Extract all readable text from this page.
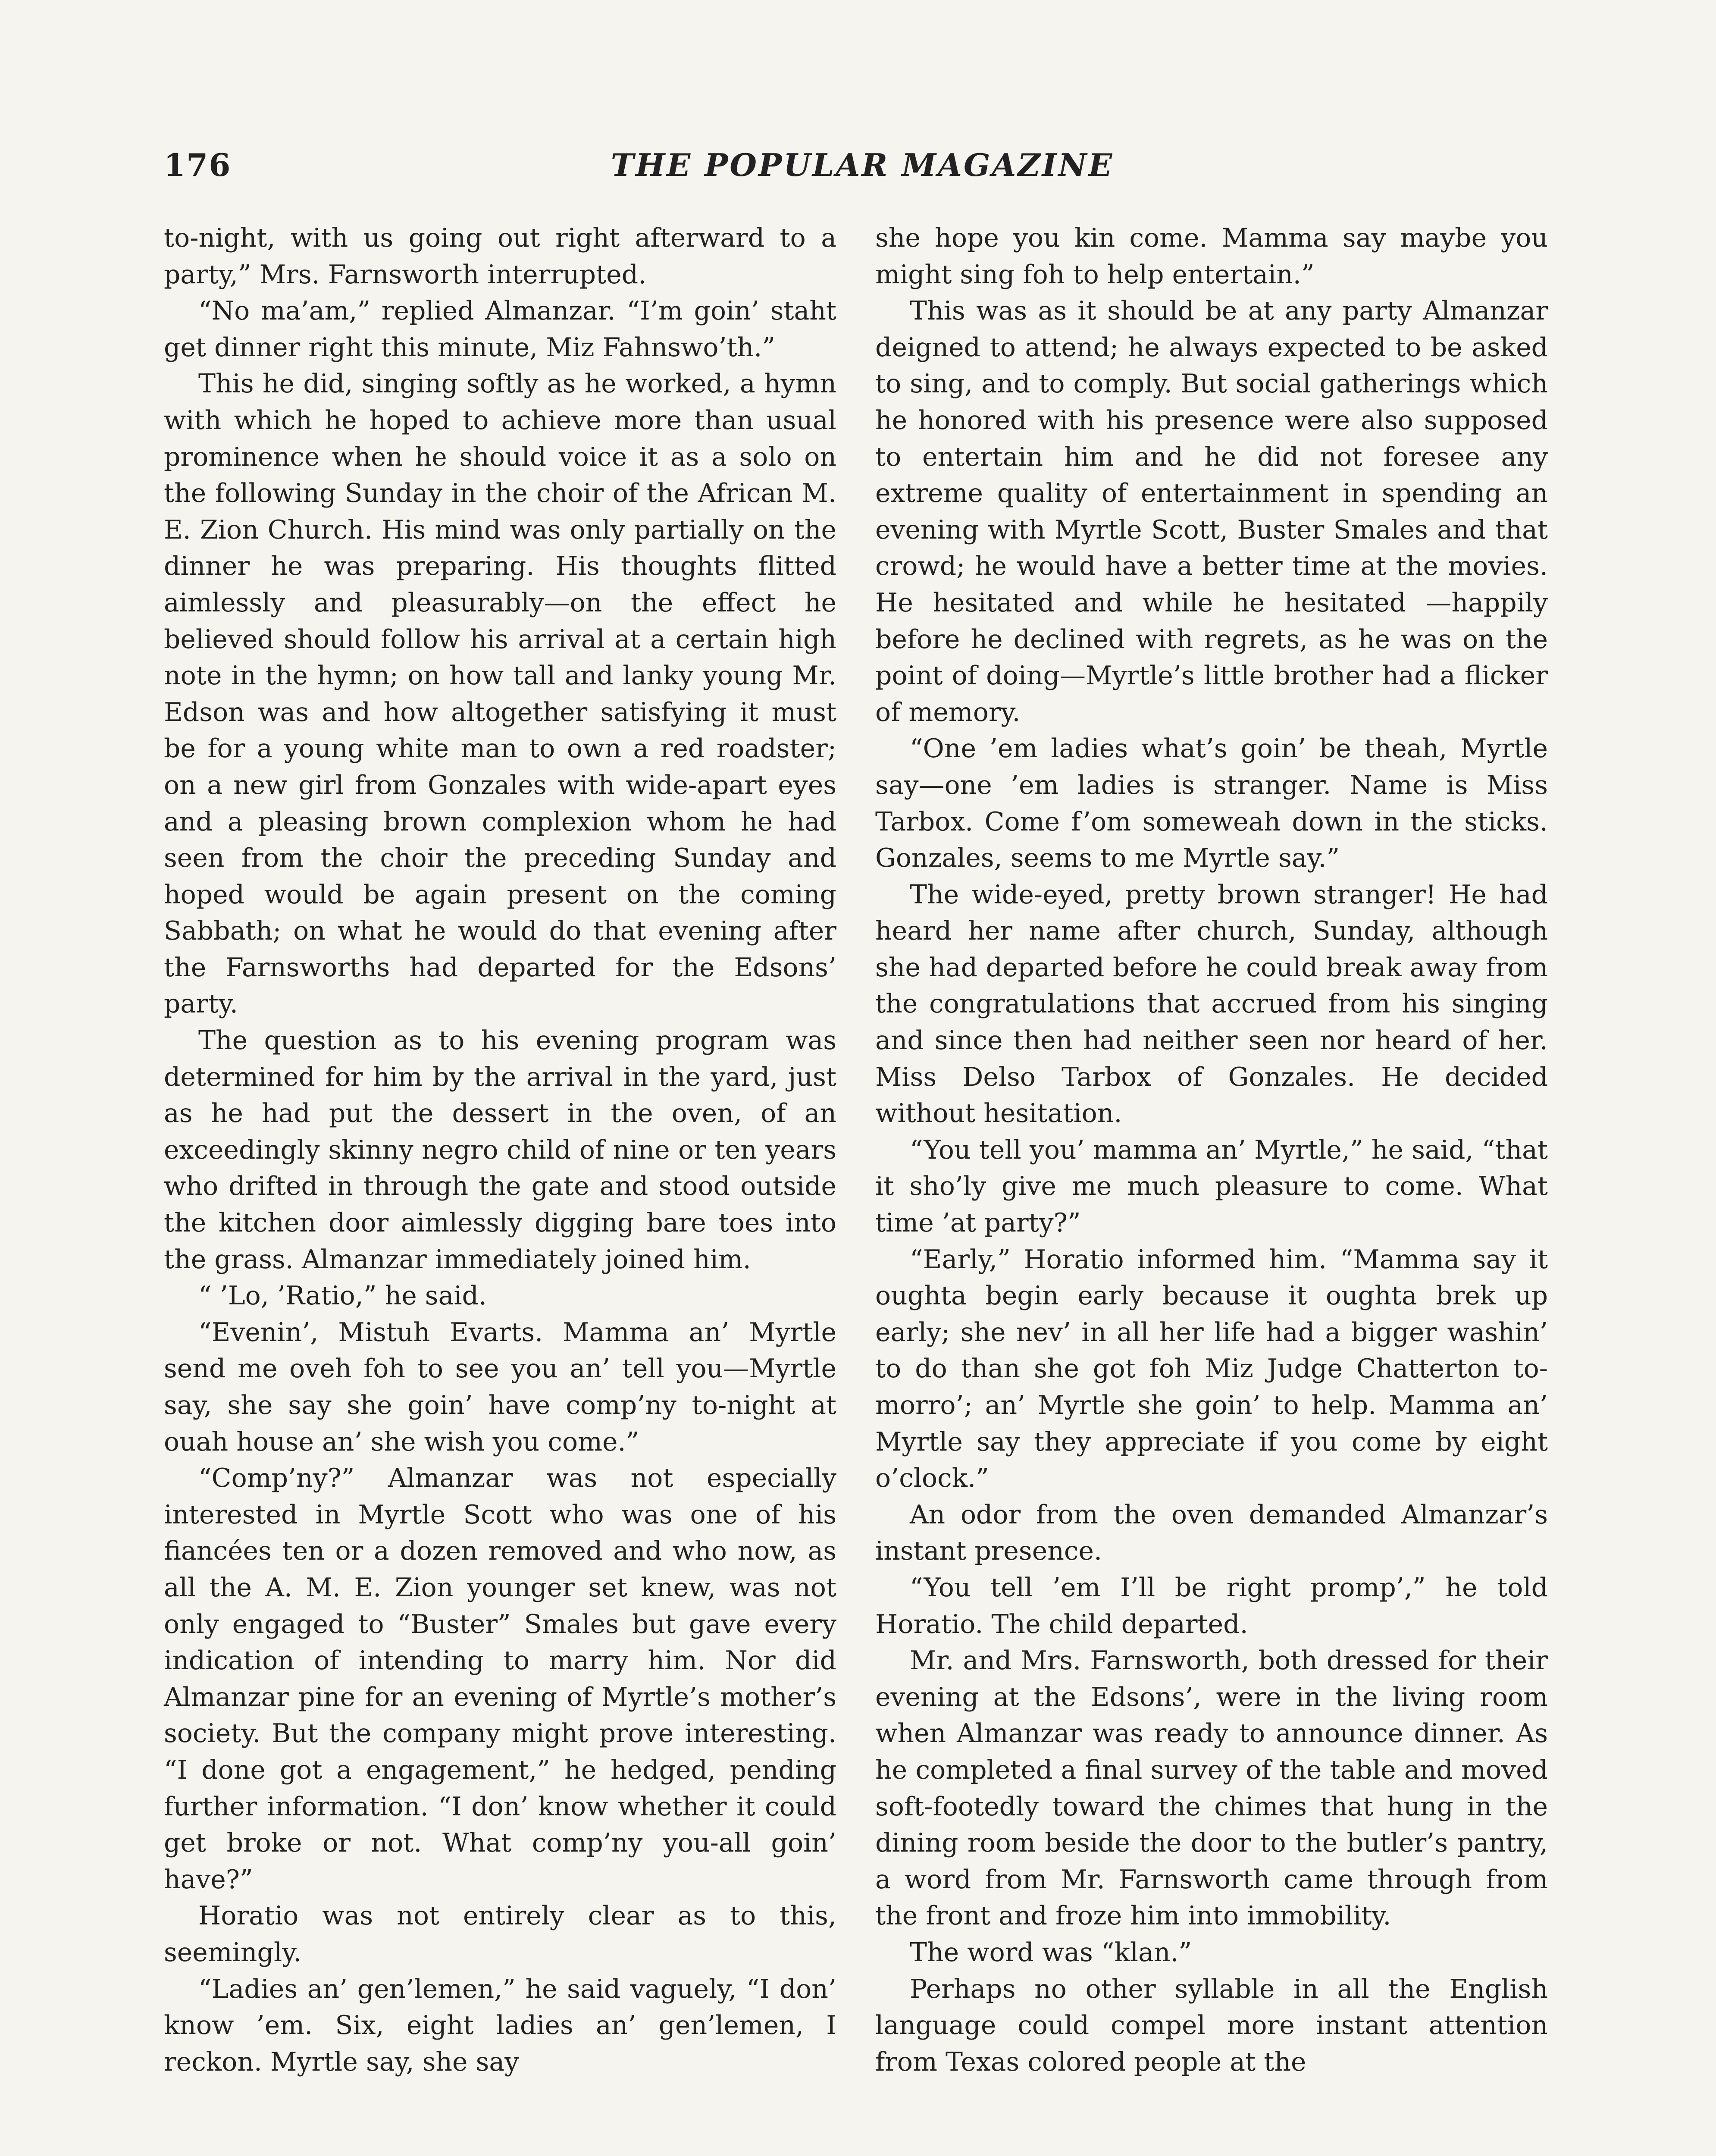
176	THE POPULAR MAGAZINE

to-night, with us going out right afterward to a party,” Mrs. Farnsworth interrupted.

“No ma’am,” replied Almanzar. “I’m goin’ staht get dinner right this minute, Miz Fahnswo’th.”

This he did, singing softly as he worked, a hymn with which he hoped to achieve more than usual prominence when he should voice it as a solo on the following Sunday in the choir of the African M. E. Zion Church. His mind was only partially on the dinner he was preparing. His thoughts flitted aimlessly and pleasurably—on the effect he believed should follow his arrival at a certain high note in the hymn; on how tall and lanky young Mr. Edson was and how altogether satisfying it must be for a young white man to own a red roadster; on a new girl from Gonzales with wide-apart eyes and a pleasing brown complexion whom he had seen from the choir the preceding Sunday and hoped would be again present on the coming Sabbath; on what he would do that evening after the Farnsworths had departed for the Edsons’ party.

The question as to his evening program was determined for him by the arrival in the yard, just as he had put the dessert in the oven, of an exceedingly skinny negro child of nine or ten years who drifted in through the gate and stood outside the kitchen door aimlessly digging bare toes into the grass. Almanzar immediately joined him.

“ ’Lo, ’Ratio,” he said.

“Evenin’, Mistuh Evarts. Mamma an’ Myrtle send me oveh foh to see you an’ tell you—Myrtle say, she say she goin’ have comp’ny to-night at ouah house an’ she wish you come.”

“Comp’ny?” Almanzar was not especially interested in Myrtle Scott who was one of his fiancées ten or a dozen removed and who now, as all the A. M. E. Zion younger set knew, was not only engaged to “Buster” Smales but gave every indication of intending to marry him. Nor did Almanzar pine for an evening of Myrtle’s mother’s society. But the company might prove interesting. “I done got a engagement,” he hedged, pending further information. “I don’ know whether it could get broke or not. What comp’ny you-all goin’ have?”

Horatio was not entirely clear as to this, seemingly.

“Ladies an’ gen’lemen,” he said vaguely, “I don’ know ’em. Six, eight ladies an’ gen’lemen, I reckon. Myrtle say, she say

she hope you kin come. Mamma say maybe you might sing foh to help entertain.”

This was as it should be at any party Almanzar deigned to attend; he always expected to be asked to sing, and to comply. But social gatherings which he honored with his presence were also supposed to entertain him and he did not foresee any extreme quality of entertainment in spending an evening with Myrtle Scott, Buster Smales and that crowd; he would have a better time at the movies. He hesitated and while he hesitated —happily before he declined with regrets, as he was on the point of doing—Myrtle’s little brother had a flicker of memory.

“One ’em ladies what’s goin’ be theah, Myrtle say—one ’em ladies is stranger. Name is Miss Tarbox. Come f’om someweah down in the sticks. Gonzales, seems to me Myrtle say.”

The wide-eyed, pretty brown stranger! He had heard her name after church, Sunday, although she had departed before he could break away from the congratulations that accrued from his singing and since then had neither seen nor heard of her. Miss Delso Tarbox of Gonzales. He decided without hesitation.

“You tell you’ mamma an’ Myrtle,” he said, “that it sho’ly give me much pleasure to come. What time ’at party?”

“Early,” Horatio informed him. “Mamma say it oughta begin early because it oughta brek up early; she nev’ in all her life had a bigger washin’ to do than she got foh Miz Judge Chatterton to-morro’; an’ Myrtle she goin’ to help. Mamma an’ Myrtle say they appreciate if you come by eight o’clock.”

An odor from the oven demanded Almanzar’s instant presence.

“You tell ’em I’ll be right promp’,” he told Horatio. The child departed.

Mr. and Mrs. Farnsworth, both dressed for their evening at the Edsons’, were in the living room when Almanzar was ready to announce dinner. As he completed a final survey of the table and moved soft-footedly toward the chimes that hung in the dining room beside the door to the butler’s pantry, a word from Mr. Farnsworth came through from the front and froze him into immobility.

The word was “klan.”

Perhaps no other syllable in all the English language could compel more instant attention from Texas colored people at the
